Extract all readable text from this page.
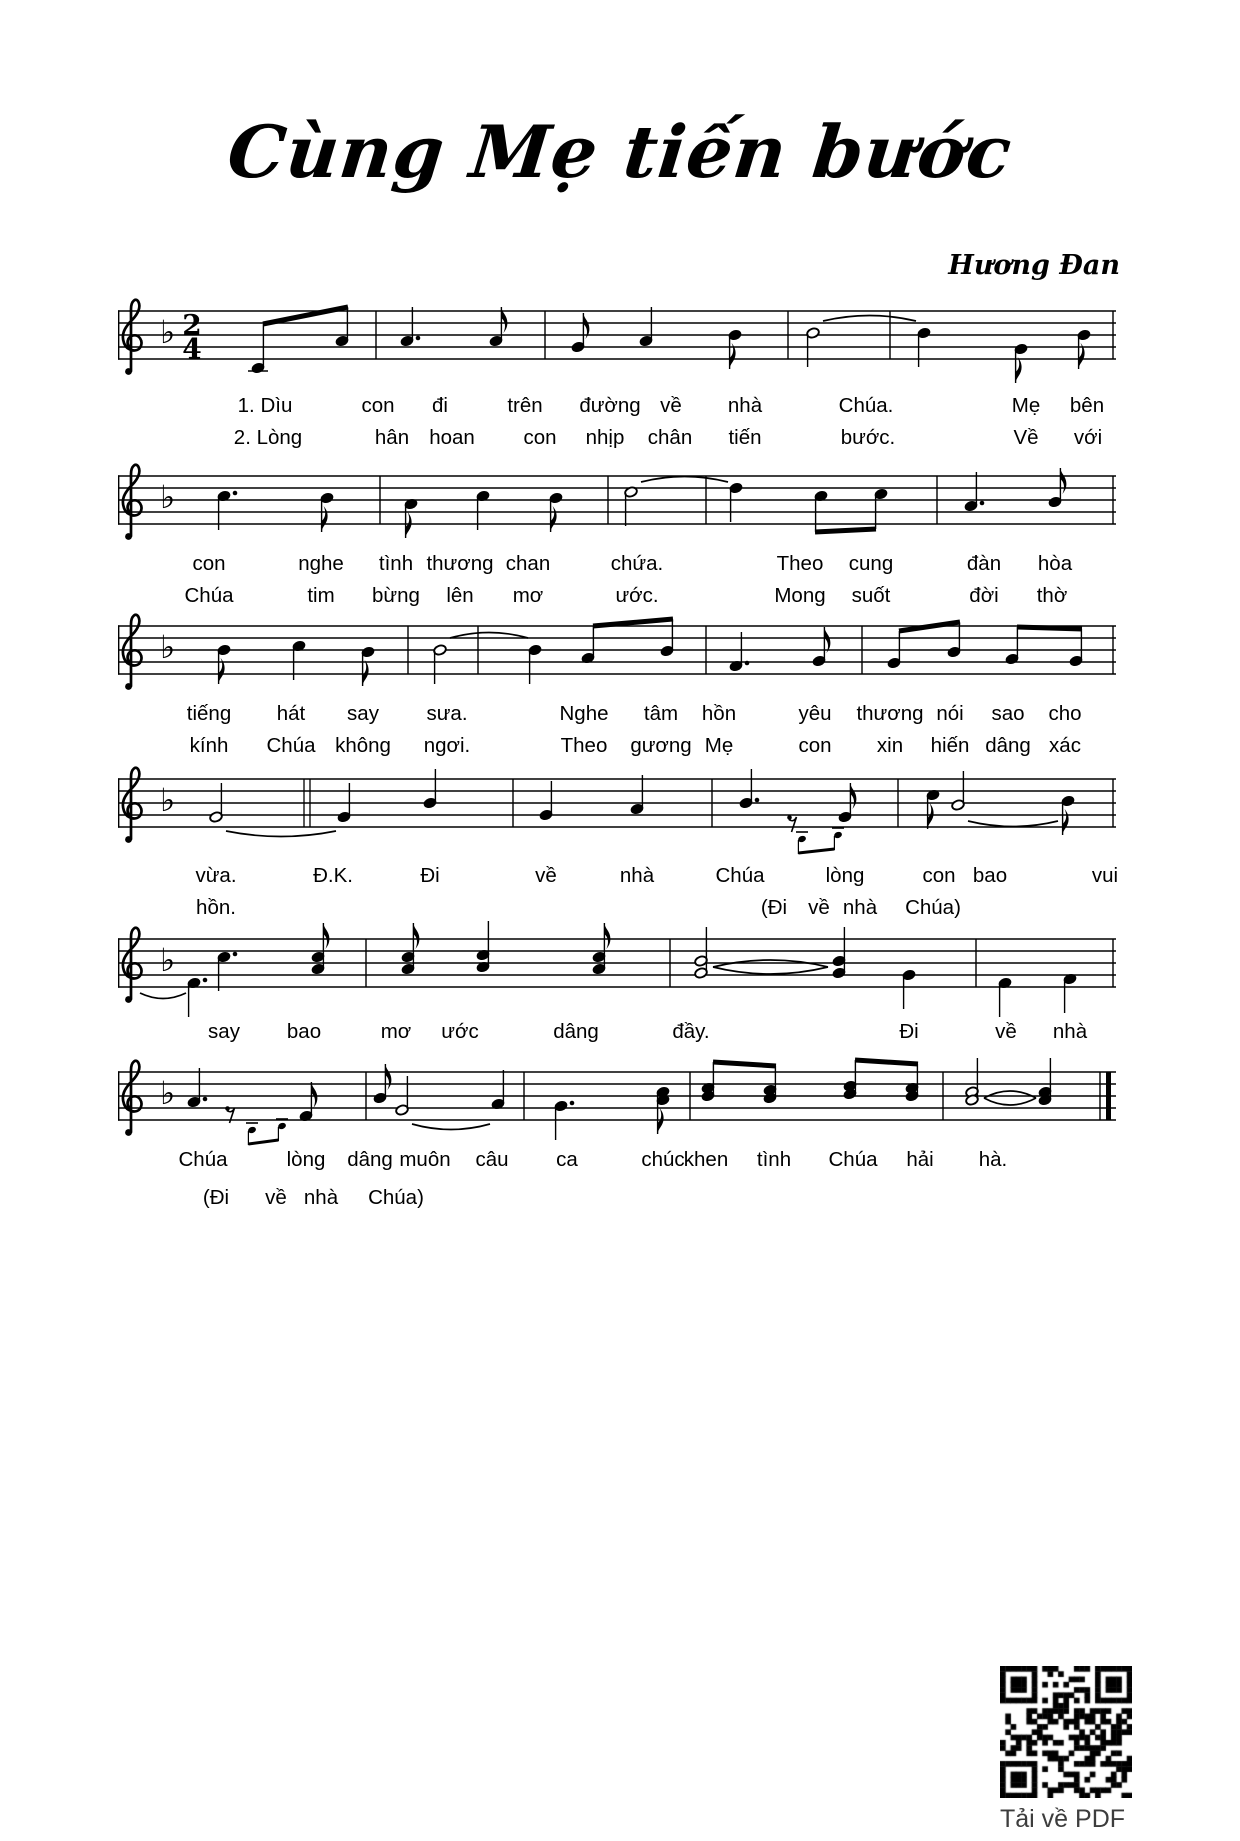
Cùng Mẹ tiến bước
Hương Đan
♭ 2
4
1. Dìu	con đi	trên đường về nhà	Chúa.	Mẹ bên
2. Lòng	hân hoan con nhịp chân tiến	bước.	Về với
♭
con	nghe tình thương chan	chứa.	Theo cung	đàn hòa
Chúa	tim bừng lên mơ	ước.	Mong suốt	đời thờ
♭
tiếng hát say sưa.	Nghe tâm hồn	yêu thương nói sao cho
kính Chúa không ngơi.	Theo gương Mẹ	con xin hiến dâng xác
♭
vừa.	Đ.K.	Đi	về	nhà	Chúa	lòng	con bao	vui
hồn.	(Đi về nhà Chúa)
♭
say bao	mơ ước	dâng	đầy.	Đi	về nhà
♭
Chúa	lòng dâng muôn câu ca	chúc khen tình Chúa hải hà.
(Đi về nhà Chúa)
Tải về PDF
